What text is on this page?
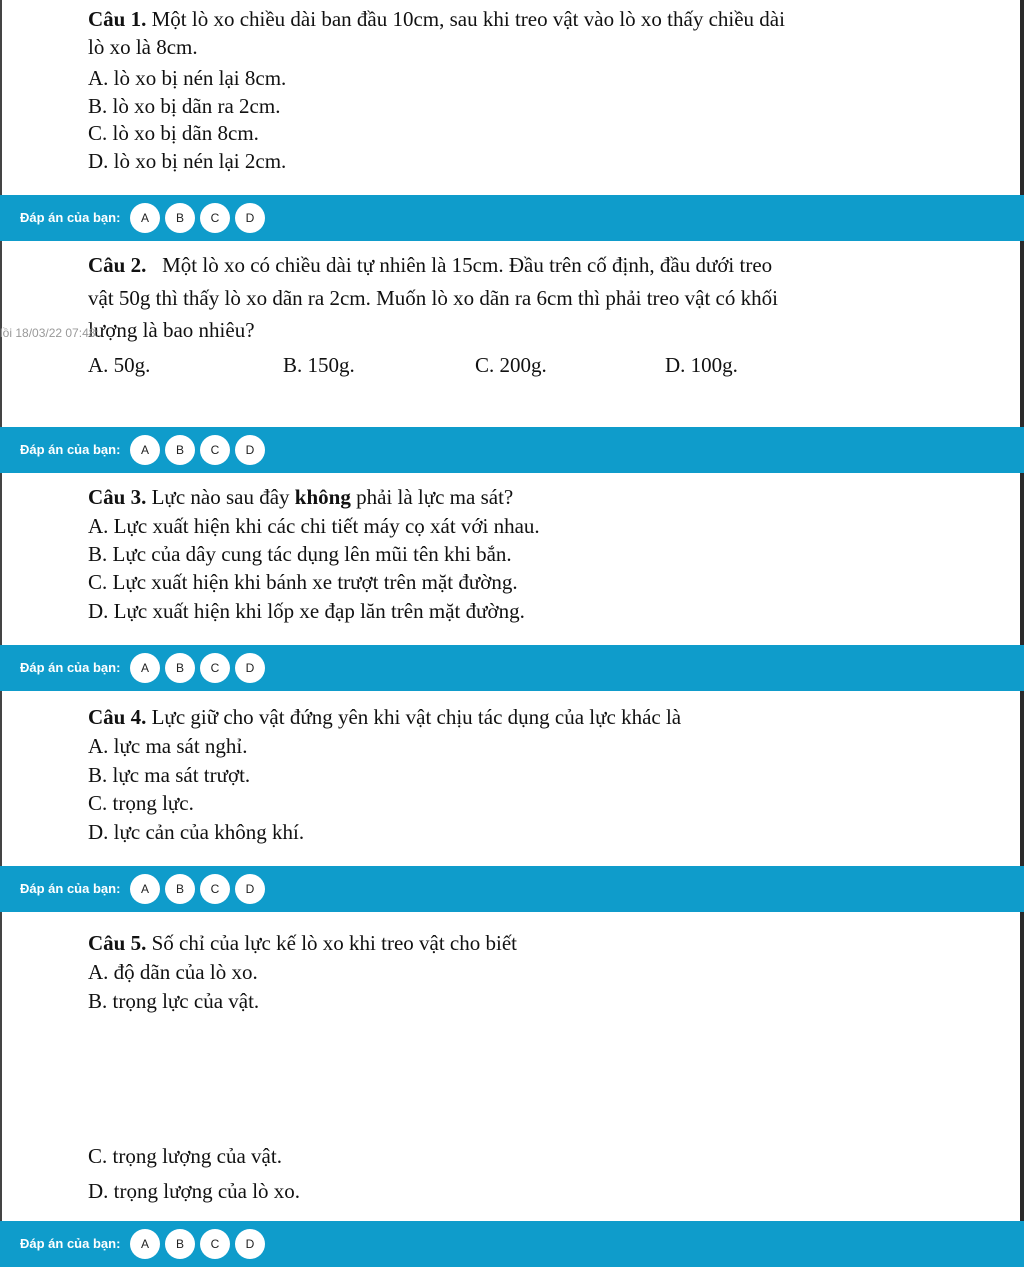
Câu 1. Một lò xo chiều dài ban đầu 10cm, sau khi treo vật vào lò xo thấy chiều dài
lò xo là 8cm.
A. lò xo bị nén lại 8cm.
B. lò xo bị dãn ra 2cm.
C. lò xo bị dãn 8cm.
D. lò xo bị nén lại 2cm.
Đáp án của bạn:	A	B	C	D
Câu 2.   Một lò xo có chiều dài tự nhiên là 15cm. Đầu trên cố định, đầu dưới treo
vật 50g thì thấy lò xo dãn ra 2cm. Muốn lò xo dãn ra 6cm thì phải treo vật có khối
lượng là bao nhiêu?
lồi 18/03/22 07:48:
A. 50g.	B. 150g.	C. 200g.	D. 100g.
Đáp án của bạn:	A	B	C	D
Câu 3. Lực nào sau đây không phải là lực ma sát?
A. Lực xuất hiện khi các chi tiết máy cọ xát với nhau.
B. Lực của dây cung tác dụng lên mũi tên khi bắn.
C. Lực xuất hiện khi bánh xe trượt trên mặt đường.
D. Lực xuất hiện khi lốp xe đạp lăn trên mặt đường.
Đáp án của bạn:	A	B	C	D
Câu 4. Lực giữ cho vật đứng yên khi vật chịu tác dụng của lực khác là
A. lực ma sát nghỉ.
B. lực ma sát trượt.
C. trọng lực.
D. lực cản của không khí.
Đáp án của bạn:	A	B	C	D
Câu 5. Số chỉ của lực kế lò xo khi treo vật cho biết
A. độ dãn của lò xo.
B. trọng lực của vật.
C. trọng lượng của vật.
D. trọng lượng của lò xo.
Đáp án của bạn:	A	B	C	D
